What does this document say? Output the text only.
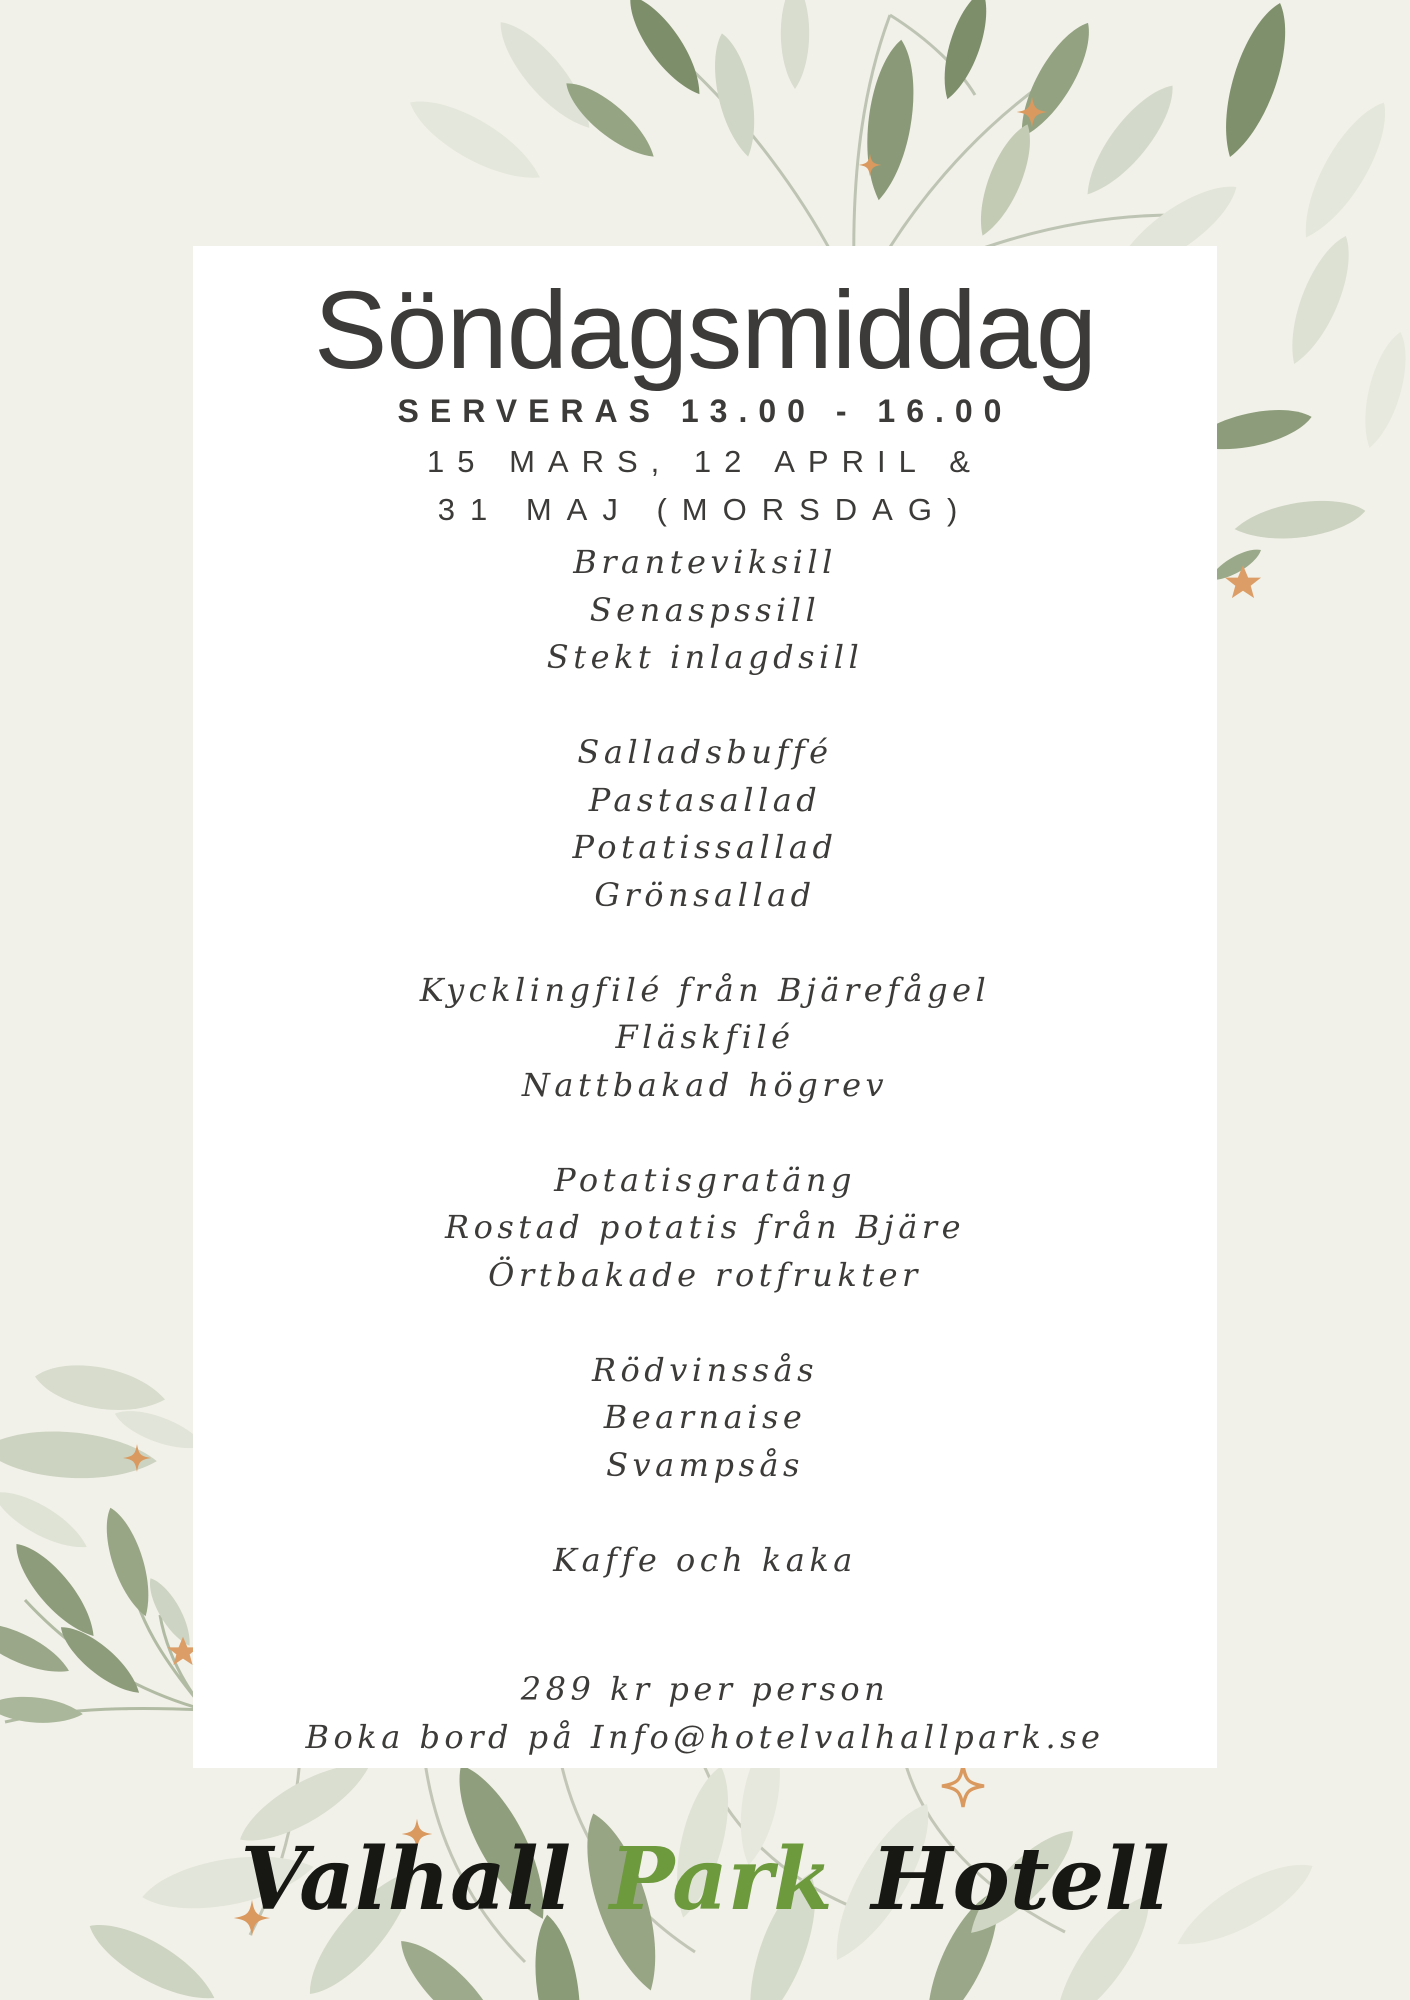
Söndagsmiddag
SERVERAS 13.00 - 16.00
15 MARS, 12 APRIL &
31 MAJ (MORSDAG)
Branteviksill
Senaspssill
Stekt inlagdsill
Salladsbuffé
Pastasallad
Potatissallad
Grönsallad
Kycklingfilé från Bjärefågel
Fläskfilé
Nattbakad högrev
Potatisgratäng
Rostad potatis från Bjäre
Örtbakade rotfrukter
Rödvinssås
Bearnaise
Svampsås
Kaffe och kaka
289 kr per person
Boka bord på Info@hotelvalhallpark.se
Valhall Park Hotell
